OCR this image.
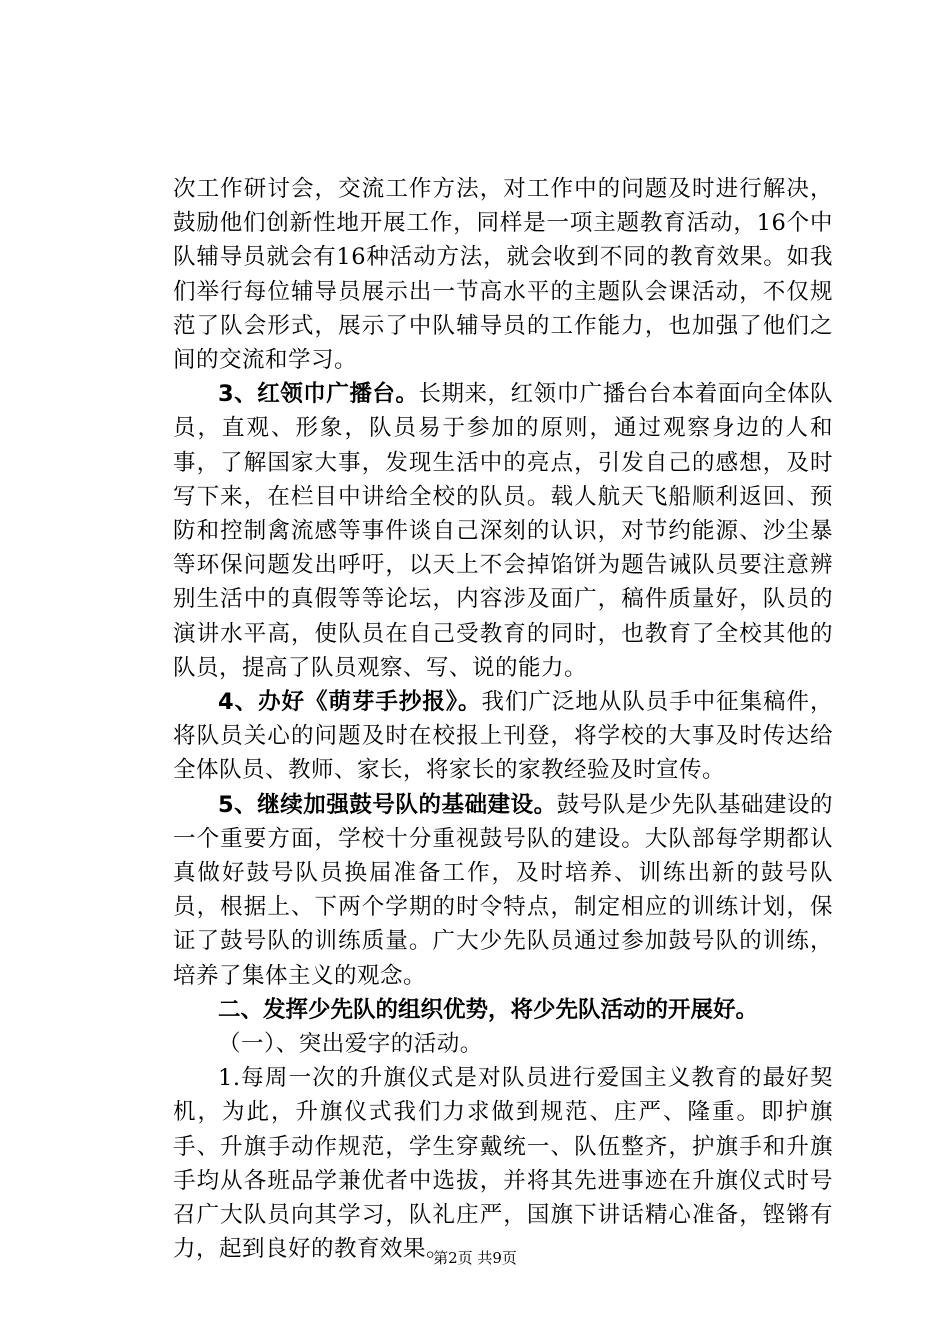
次工作研讨会，交流工作方法，对工作中的问题及时进行解决，鼓励他们创新性地开展工作，同样是一项主题教育活动，16个中队辅导员就会有16种活动方法，就会收到不同的教育效果。如我们举行每位辅导员展示出一节高水平的主题队会课活动，不仅规范了队会形式，展示了中队辅导员的工作能力，也加强了他们之间的交流和学习。

3、红领巾广播台。长期来，红领巾广播台台本着面向全体队员，直观、形象，队员易于参加的原则，通过观察身边的人和事，了解国家大事，发现生活中的亮点，引发自己的感想，及时写下来，在栏目中讲给全校的队员。载人航天飞船顺利返回、预防和控制禽流感等事件谈自己深刻的认识，对节约能源、沙尘暴等环保问题发出呼吁，以天上不会掉馅饼为题告诫队员要注意辨别生活中的真假等等论坛，内容涉及面广，稿件质量好，队员的演讲水平高，使队员在自己受教育的同时，也教育了全校其他的队员，提高了队员观察、写、说的能力。

4、办好《萌芽手抄报》。我们广泛地从队员手中征集稿件，将队员关心的问题及时在校报上刊登，将学校的大事及时传达给全体队员、教师、家长，将家长的家教经验及时宣传。

5、继续加强鼓号队的基础建设。鼓号队是少先队基础建设的一个重要方面，学校十分重视鼓号队的建设。大队部每学期都认真做好鼓号队员换届准备工作，及时培养、训练出新的鼓号队员，根据上、下两个学期的时令特点，制定相应的训练计划，保证了鼓号队的训练质量。广大少先队员通过参加鼓号队的训练，培养了集体主义的观念。

二、发挥少先队的组织优势，将少先队活动的开展好。

（一）、突出爱字的活动。

1.每周一次的升旗仪式是对队员进行爱国主义教育的最好契机，为此，升旗仪式我们力求做到规范、庄严、隆重。即护旗手、升旗手动作规范，学生穿戴统一、队伍整齐，护旗手和升旗手均从各班品学兼优者中选拔，并将其先进事迹在升旗仪式时号召广大队员向其学习，队礼庄严，国旗下讲话精心准备，铿锵有力，起到良好的教育效果。

第2页 共9页
